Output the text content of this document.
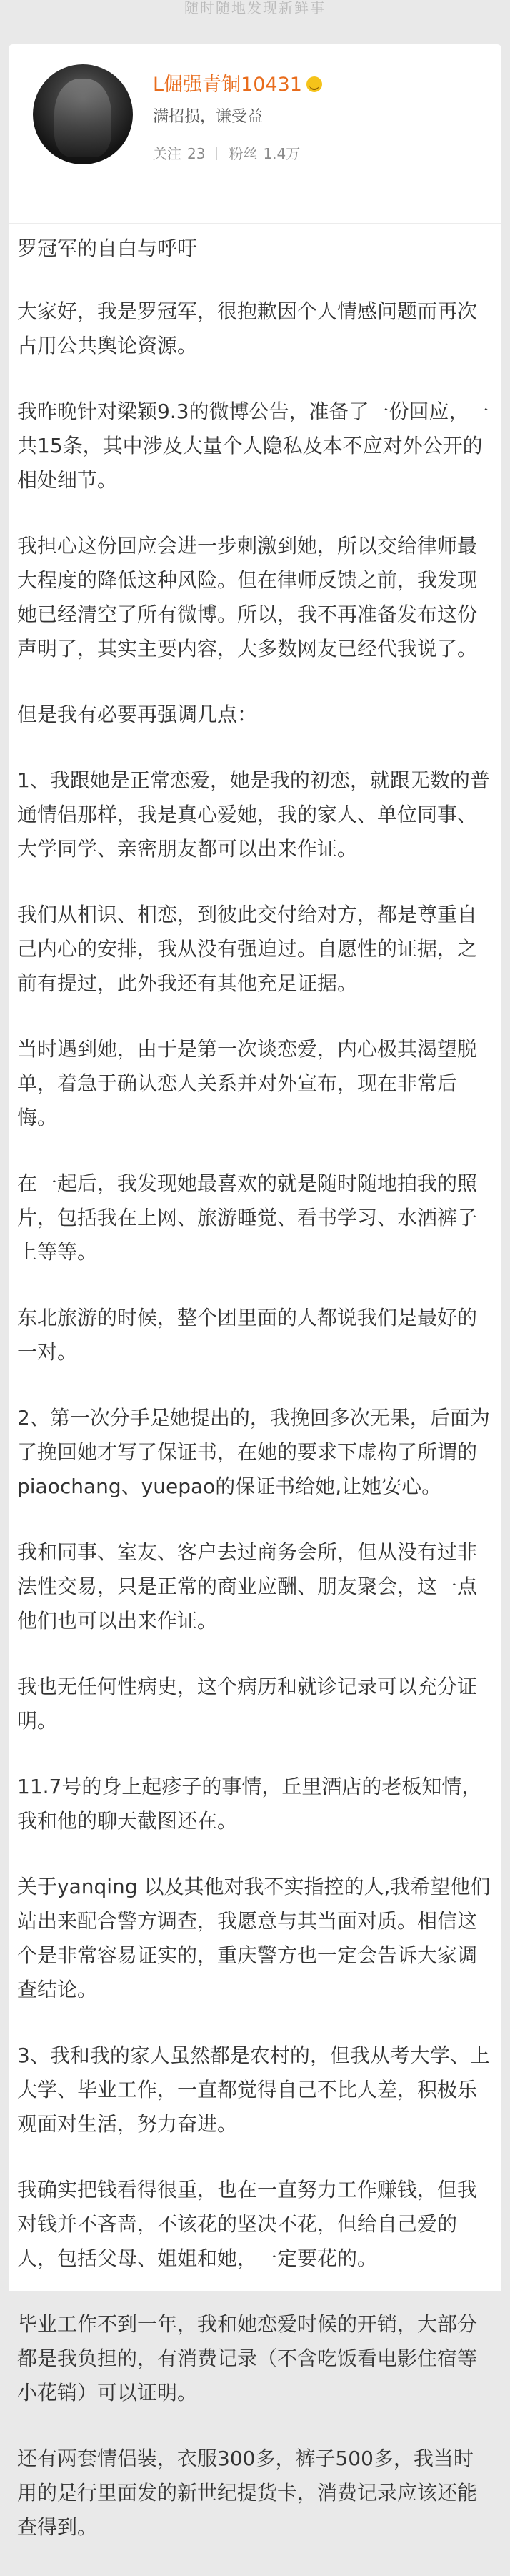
随时随地发现新鲜事
L倔强青铜10431
满招损，谦受益
关注 23 粉丝 1.4万

罗冠军的自白与呼吁

大家好，我是罗冠军，很抱歉因个人情感问题而再次占用公共舆论资源。

我昨晚针对梁颖9.3的微博公告，准备了一份回应，一共15条，其中涉及大量个人隐私及本不应对外公开的相处细节。

我担心这份回应会进一步刺激到她，所以交给律师最大程度的降低这种风险。但在律师反馈之前，我发现她已经清空了所有微博。所以，我不再准备发布这份声明了，其实主要内容，大多数网友已经代我说了。

但是我有必要再强调几点：

1、我跟她是正常恋爱，她是我的初恋，就跟无数的普通情侣那样，我是真心爱她，我的家人、单位同事、大学同学、亲密朋友都可以出来作证。

我们从相识、相恋，到彼此交付给对方，都是尊重自己内心的安排，我从没有强迫过。自愿性的证据，之前有提过，此外我还有其他充足证据。

当时遇到她，由于是第一次谈恋爱，内心极其渴望脱单，着急于确认恋人关系并对外宣布，现在非常后悔。

在一起后，我发现她最喜欢的就是随时随地拍我的照片，包括我在上网、旅游睡觉、看书学习、水洒裤子上等等。

东北旅游的时候，整个团里面的人都说我们是最好的一对。

2、第一次分手是她提出的，我挽回多次无果，后面为了挽回她才写了保证书，在她的要求下虚构了所谓的piaochang、yuepao的保证书给她,让她安心。

我和同事、室友、客户去过商务会所，但从没有过非法性交易，只是正常的商业应酬、朋友聚会，这一点他们也可以出来作证。

我也无任何性病史，这个病历和就诊记录可以充分证明。

11.7号的身上起疹子的事情，丘里酒店的老板知情，我和他的聊天截图还在。

关于yanqing 以及其他对我不实指控的人,我希望他们站出来配合警方调查，我愿意与其当面对质。相信这个是非常容易证实的，重庆警方也一定会告诉大家调查结论。

3、我和我的家人虽然都是农村的，但我从考大学、上大学、毕业工作，一直都觉得自己不比人差，积极乐观面对生活，努力奋进。

我确实把钱看得很重，也在一直努力工作赚钱，但我对钱并不吝啬，不该花的坚决不花，但给自己爱的人，包括父母、姐姐和她，一定要花的。

毕业工作不到一年，我和她恋爱时候的开销，大部分都是我负担的，有消费记录（不含吃饭看电影住宿等小花销）可以证明。

还有两套情侣装，衣服300多，裤子500多，我当时用的是行里面发的新世纪提货卡，消费记录应该还能查得到。
